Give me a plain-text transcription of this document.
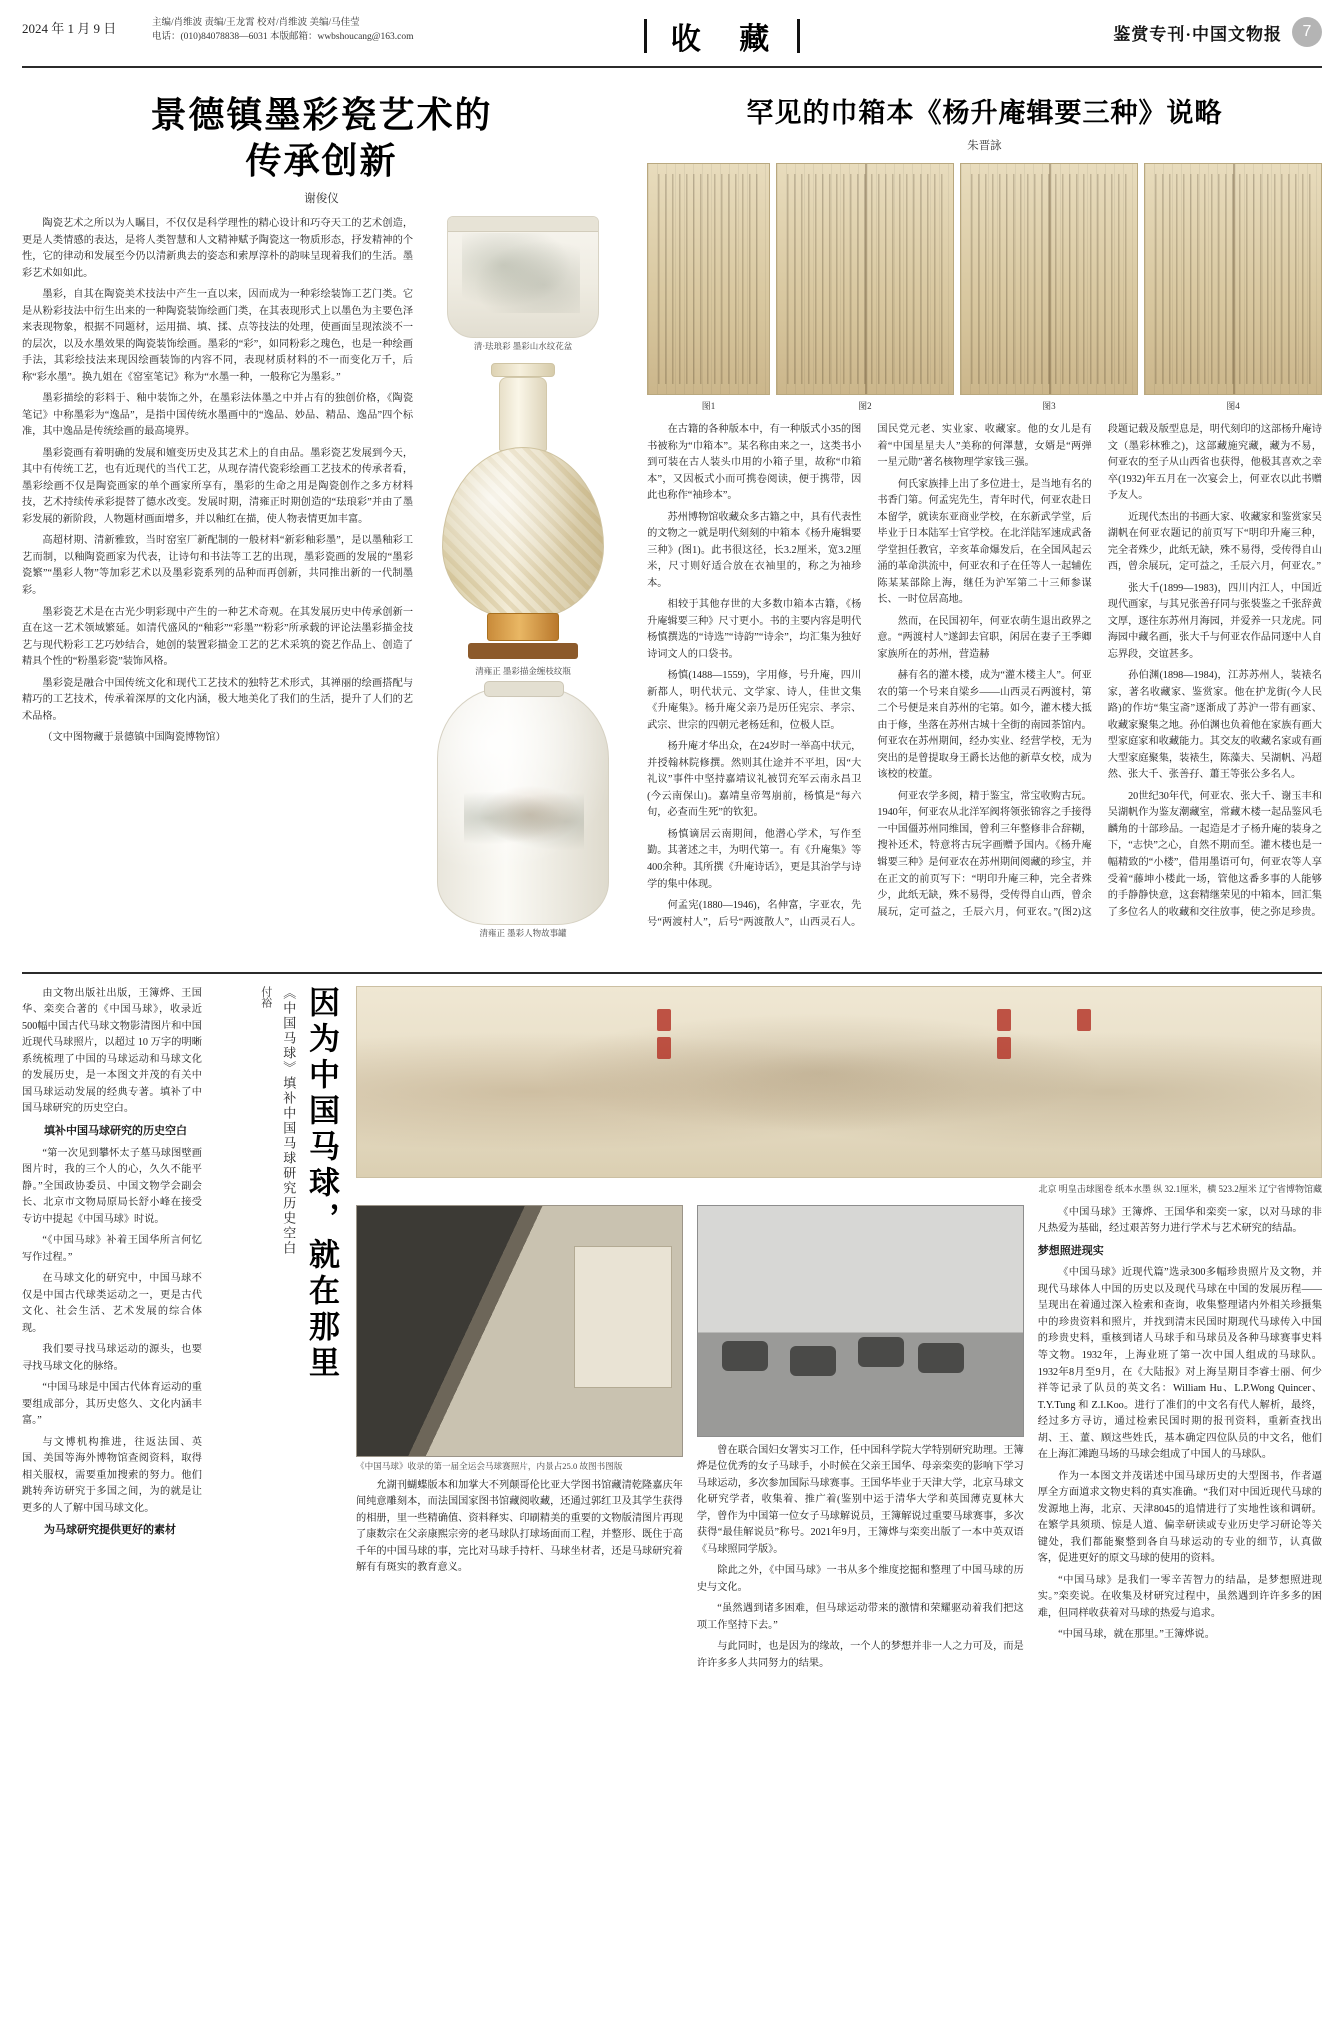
2024 年 1 月 9 日	主编/肖维波 责编/王龙霄 校对/肖维波 美编/马佳莹
电话：(010)84078838—6031 本版邮箱：wwbshoucang@163.com	收 藏	鉴赏专刊·中国文物报	7
景德镇墨彩瓷艺术的
传承创新
谢俊仪
清·珐琅彩 墨彩山水纹花盆
清雍正 墨彩描金缠枝纹瓶
清雍正 墨彩人物故事罐

陶瓷艺术之所以为人瞩目，不仅仅是科学理性的精心设计和巧夺天工的艺术创造，更是人类情感的表达，是将人类智慧和人文精神赋予陶瓷这一物质形态，抒发精神的个性，它的律动和发展至今仍以清新典去的姿态和索厚淳朴的韵味呈现着我们的生活。墨彩艺术如如此。

墨彩，自其在陶瓷美术技法中产生一直以来，因而成为一种彩绘装饰工艺门类。它是从粉彩技法中衍生出来的一种陶瓷装饰绘画门类，在其表现形式上以墨色为主要色泽来表现物象，根据不同题材，运用描、填、揉、点等技法的处理，使画面呈现浓淡不一的层次，以及水墨效果的陶瓷装饰绘画。墨彩的“彩”，如同粉彩之瑰色，也是一种绘画手法，其彩绘技法来现因绘画装饰的内容不同，表现材质材料的不一而变化万千，后称“彩水墨”。换九姐在《窑室笔记》称为“水墨一种，一般称它为墨彩。”

墨彩描绘的彩料于、釉中装饰之外，在墨彩法体墨之中并占有的独创价格，《陶瓷笔记》中称墨彩为“逸品”，是指中国传统水墨画中的“逸品、妙品、精品、逸品”四个标准，其中逸品是传统绘画的最高境界。

墨彩瓷画有着明确的发展和嬗变历史及其艺术上的自由品。墨彩瓷艺发展到今天，其中有传统工艺，也有近现代的当代工艺，从现存清代瓷彩绘画工艺技术的传承者看，墨彩绘画不仅是陶瓷画家的单个画家所享有，墨彩的生命之用是陶瓷创作之多方材料技，艺术持续传承彩提替了德水改变。发展时期，清雍正时期创造的“珐琅彩”并由了墨彩发展的新阶段，人物题材画面增多，并以釉红在描，使人物表情更加丰富。

高超材期、清新雅致，当时窑室厂新配制的一般材料“新彩釉彩墨”，是以墨釉彩工艺而制，以釉陶瓷画家为代表，让诗句和书法等工艺的出现，墨彩瓷画的发展的“墨彩瓷繁”“墨彩人物”等加彩艺术以及墨彩瓷系列的品种而再创新，共同推出新的一代制墨彩。

墨彩瓷艺术是在古光少明彩现中产生的一种艺术奇观。在其发展历史中传承创新一直在这一艺术领域繁延。如清代盛风的“釉彩”“彩墨”“粉彩”所承载的评论法墨彩描金技艺与现代粉彩工艺巧妙结合，她创的装置彩描金工艺的艺术采筑的瓷艺作品上、创造了精具个性的“粉墨彩瓷”装饰风格。

墨彩瓷是融合中国传统文化和现代工艺技术的独特艺术形式，其禅丽的绘画搭配与精巧的工艺技术，传承着深厚的文化内涵，极大地美化了我们的生活，提升了人们的艺术品格。

（文中图物藏于景德镇中国陶瓷博物馆）

罕见的巾箱本《杨升庵辑要三种》说略
朱晋詠
图1	图2	图3	图4

在古籍的各种版本中，有一种版式小35的图书被称为“巾箱本”。某名称由来之一，这类书小到可装在古人装头巾用的小箱子里，故称“巾箱本”，又因板式小而可携卷阅读，便于携带，因此也称作“袖珍本”。

苏州博物馆收藏众多古籍之中，具有代表性的文物之一就是明代刻刻的中箱本《杨升庵辑要三种》(图1)。此书很这径，长3.2厘米，宽3.2厘米，尺寸则好适合放在衣袖里的，称之为袖珍本。

相较于其他存世的大多数巾箱本古籍，《杨升庵辑要三种》尺寸更小。书的主要内容是明代杨慎撰选的“诗选”“诗韵”“诗余”，均汇集为独好诗词文人的口袋书。

杨慎(1488—1559)，字用修，号升庵，四川新都人，明代状元、文学家、诗人，佳世文集《升庵集》。杨升庵父亲乃是历任宪宗、孝宗、武宗、世宗的四朝元老杨廷和，位极人臣。

杨升庵才华出众，在24岁时一举高中状元，并授翰林院修撰。然则其仕途并不平坦，因“大礼议”事件中坚持嘉靖议礼被罚充军云南永昌卫(今云南保山)。嘉靖皇帝驾崩前，杨慎是“每六旬，必查而生死”的钦犯。

杨慎谪居云南期间，他潜心学术，写作至勤。其著述之丰，为明代第一。有《升庵集》等400余种。其所撰《升庵诗话》，更是其治学与诗学的集中体现。

何孟宪(1880—1946)，名伸富，字亚农，先号“两渡村人”，后号“两渡散人”，山西灵石人。国民党元老、实业家、收藏家。他的女儿是有着“中国星星夫人”美称的何澤慧，女婿是“两弹一星元勋”著名核物理学家钱三强。

何氏家族排上出了多位进士，是当地有名的书香门第。何孟宪先生，青年时代，何亚农赴日本留学，就读东亚商业学校，在东新武学堂，后毕业于日本陆军士官学校。在北洋陆军速成武备学堂担任教官，辛亥革命爆发后，在全国风起云涌的革命洪流中，何亚农和子在任等人一起辅佐陈某某部除上海，继任为沪军第二十三师参谋长、一时位居高地。

然而，在民国初年，何亚农萌生退出政界之意。“两渡村人”遂卸去官职，闲居在妻子王季卿家族所在的苏州，营造赫

赫有名的灌木楼，成为“灌木楼主人”。何亚农的第一个号来自梁乡——山西灵石两渡村，第二个号便是来自苏州的宅第。如今，灌木楼大抵由于修，坐落在苏州古城十全街的南园茶馆内。何亚农在苏州期间，经办实业、经营学校，无为突出的是曾提取身王爵长达他的新草女校，成为该校的校董。

何亚农学多阅，精于鉴宝，常宝收购古玩。1940年，何亚农从北洋军阀将领张锦容之手接得一中国僵苏州同维国，曾利三年整修非合辞糊，搜补还术，特意将古玩字画赠予国内。《杨升庵辑要三种》是何亚农在苏州期间阅藏的珍宝，并在正文的前页写下：“明印升庵三种，完全者殊少，此纸无缺，殊不易得，受传得自山西，曾余展玩，定可益之，壬辰六月，何亚农。”(图2)这段题记载及版型息是，明代刻印的这部杨升庵诗文（墨彩林雅之)，这部藏施究藏，藏为不易，何亚农的至子从山西省也获得，他极其喜欢之幸卒(1932)年五月在一次宴会上，何亚农以此书赠予友人。

近现代杰出的书画大家、收藏家和鉴赏家吴湖帆在何亚农题记的前页写下“明印升庵三种，完全者殊少，此纸无缺，殊不易得，受传得自山西，曾余展玩，定可益之，壬辰六月，何亚农。”

张大千(1899—1983)，四川内江人，中国近现代画家，与其兄张善孖同与张裝鉴之千张辞黄文厚，逐往东苏州月海园，并爱养一只龙虎。同海园中藏名画，张大千与何亚农作品同逐中人自忘界段，交谊甚多。

孙伯渊(1898—1984)，江苏苏州人，装裱名家，著名收藏家、鉴赏家。他在护龙街(今人民路)的作坊“集宝斋”逐渐成了苏沪一带有画家、收藏家聚集之地。孙伯渊也负着他在家族有画大型家庭家和收藏能力。其交友的收藏名家或有画大型家庭聚集，装裱生，陈藻夫、吴湖帆、冯超然、张大千、张善孖、蕭王等张公多名人。

20世纪30年代，何亚农、张大千、谢玉丰和吴湖帆作为鉴友潮藏室，常藏木楼一起品鉴风毛麟角的十部珍品。一起造是才子杨升庵的装身之下，“志快”之心，自然不期而至。灌木楼也是一幅精致的“小楼”，借用墨语可句，何亚农等人享受着“藤坤小楼此一场，管他这番多事的人能够的手静静快意，这套精继荣见的中箱本，回汇集了多位名人的收藏和交往放事，使之弥足珍贵。

由文物出版社出版，王簿烨、王国华、栾奕合著的《中国马球》，收录近 500幅中国古代马球文物影清图片和中国近现代马球照片，以超过 10 万字的明晰系统梳理了中国的马球运动和马球文化的发展历史，是一本图文并茂的有关中国马球运动发展的经典专著。填补了中国马球研究的历史空白。

填补中国马球研究的历史空白

“第一次见到攀怀太子墓马球图壁画图片时，我的三个人的心，久久不能平静。”全国政协委员、中国文物学会副会长、北京市文物局原局长舒小峰在接受专访中提起《中国马球》时说。

“《中国马球》补着王国华所言何忆写作过程。”

在马球文化的研究中，中国马球不仅是中国古代球类运动之一，更是古代文化、社会生活、艺术发展的综合体现。

我们要寻找马球运动的源头，也要寻找马球文化的脉络。

“中国马球是中国古代体育运动的重要组成部分，其历史悠久、文化内涵丰富。”

与文博机构推进，往返法国、英国、美国等海外博物馆查阅资料，取得相关服权，需要重加搜索的努力。他们跳转奔访研究于多国之间，为的就是让更多的人了解中国马球文化。

为马球研究提供更好的素材

因为中国马球，就在那里
《中国马球》填补中国马球研究历史空白
付裕
北京 明皇击球图卷 纸本水墨 纵 32.1厘米，横 523.2厘米 辽宁省博物馆藏
《中国马球》收录的第一届全运会马球赛照片，内景占25.0 故图书图版

允湖刊蝴蝶版本和加掌大不列颠哥伦比亚大学图书馆藏清乾隆嘉庆年间纯意雕刻本，而法国国家图书馆藏阅收藏，还通过郭红卫及其学生获得的相册，里一些精确值、资料释实、印刷精美的重要的文物版清图片再现了康数宗在父亲康熙宗旁的老马球队打球场面而工程，并整形、既住于高千年的中国马球的事，完比对马球手持杆、马球坐材者，还是马球研究着解有有斑实的教育意义。

曾在联合国妇女署实习工作，任中国科学院大学特别研究助理。王簿烨是位优秀的女子马球手，小时候在父亲王国华、母亲栾奕的影响下学习马球运动，多次参加国际马球赛事。王国华毕业于天津大学，北京马球文化研究学者，收集着、推广着(鉴别中运于清华大学和英国薄克夏林大学，曾作为中国第一位女子马球解说员，王簿解说过重要马球赛事，多次获得“最佳解说员”称号。2021年9月，王簿烨与栾奕出版了一本中英双语《马球照同学版》。

除此之外，《中国马球》一书从多个维度挖掘和整理了中国马球的历史与文化。

“虽然遇到诸多困难，但马球运动带来的激情和荣耀驱动着我们把这项工作坚持下去。”

与此同时，也是因为的缘故，一个人的梦想并非一人之力可及，而是许许多多人共同努力的结果。

《中国马球》王簿烨、王国华和栾奕一家，以对马球的非凡热爱为基础，经过艰苦努力进行学术与艺术研究的结晶。

梦想照进现实

《中国马球》近现代篇”选录300多幅珍贵照片及文物，并现代马球体人中国的历史以及现代马球在中国的发展历程——呈现出在着通过深入检索和查询，收集整理诸内外相关珍摄集中的珍贵资料和照片，并找到清末民国时期现代马球传入中国的珍贵史料，重核到诸人马球手和马球员及各种马球赛事史料等文物。1932年，上海业班了第一次中国人组成的马球队。1932年8月至9月，在《大陆报》对上海呈期目李睿士丽、何少祥等记录了队员的英文名：William Hu、L.P.Wong Quincer、T.Y.Tung 和 Z.I.Koo。进行了准们的中文名有代人解析，最终，经过多方寻访，通过检索民国时期的报刊资料，重新查找出胡、王、董、顾这些姓氏，基本确定四位队员的中文名，他们在上海汇滩跑马场的马球会组成了中国人的马球队。

作为一本图文并茂诺述中国马球历史的大型图书，作者逼厚全方面道求文物史料的真实准确。“我们对中国近现代马球的发源地上海，北京、天津8045的追情进行了实地性该和调研。在繁学具须琐、惊是人道、偏幸研读或专业历史学习研论等关键处，我们都能聚整到各自马球运动的专业的细节，认真做客，促进更好的原文马球的使用的资料。

“中国马球》是我们一零辛苦智力的结晶，是梦想照进现实。”栾奕说。在收集及材研究过程中，虽然遇到许许多多的困难，但同样收获着对马球的热爱与追求。

“中国马球，就在那里。”王簿烨说。
